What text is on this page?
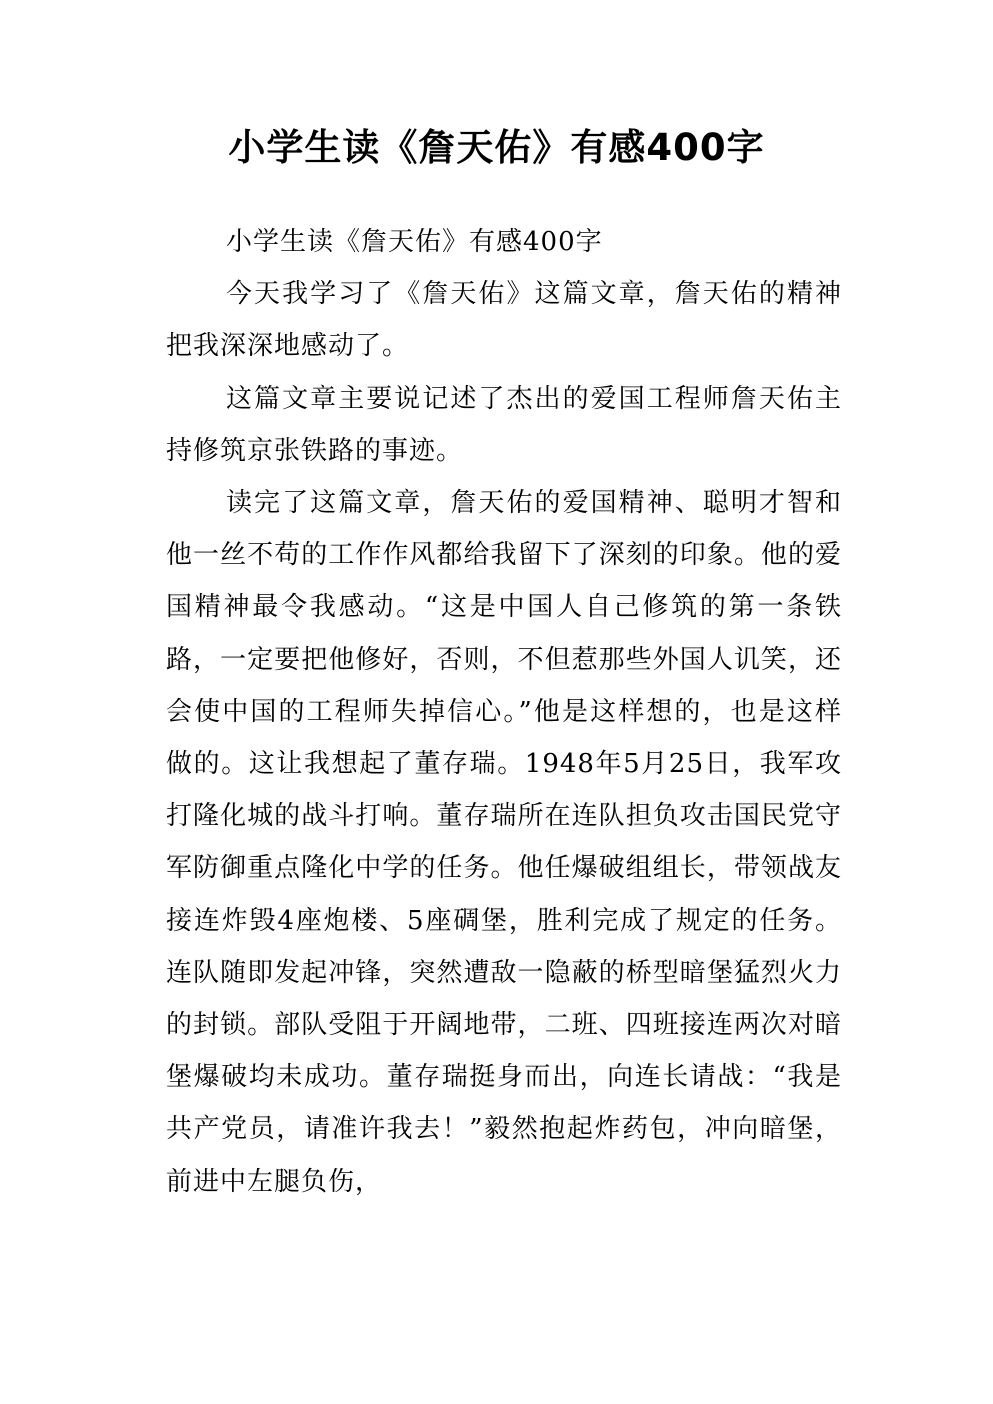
小学生读《詹天佑》有感400字

小学生读《詹天佑》有感400字

今天我学习了《詹天佑》这篇文章，詹天佑的精神把我深深地感动了。

这篇文章主要说记述了杰出的爱国工程师詹天佑主持修筑京张铁路的事迹。

读完了这篇文章，詹天佑的爱国精神、聪明才智和他一丝不苟的工作作风都给我留下了深刻的印象。他的爱国精神最令我感动。“这是中国人自己修筑的第一条铁路，一定要把他修好，否则，不但惹那些外国人讥笑，还会使中国的工程师失掉信心。”他是这样想的，也是这样做的。这让我想起了董存瑞。1948年5月25日，我军攻打隆化城的战斗打响。董存瑞所在连队担负攻击国民党守军防御重点隆化中学的任务。他任爆破组组长，带领战友接连炸毁4座炮楼、5座碉堡，胜利完成了规定的任务。连队随即发起冲锋，突然遭敌一隐蔽的桥型暗堡猛烈火力的封锁。部队受阻于开阔地带，二班、四班接连两次对暗堡爆破均未成功。董存瑞挺身而出，向连长请战：“我是共产党员，请准许我去！”毅然抱起炸药包，冲向暗堡，前进中左腿负伤，
